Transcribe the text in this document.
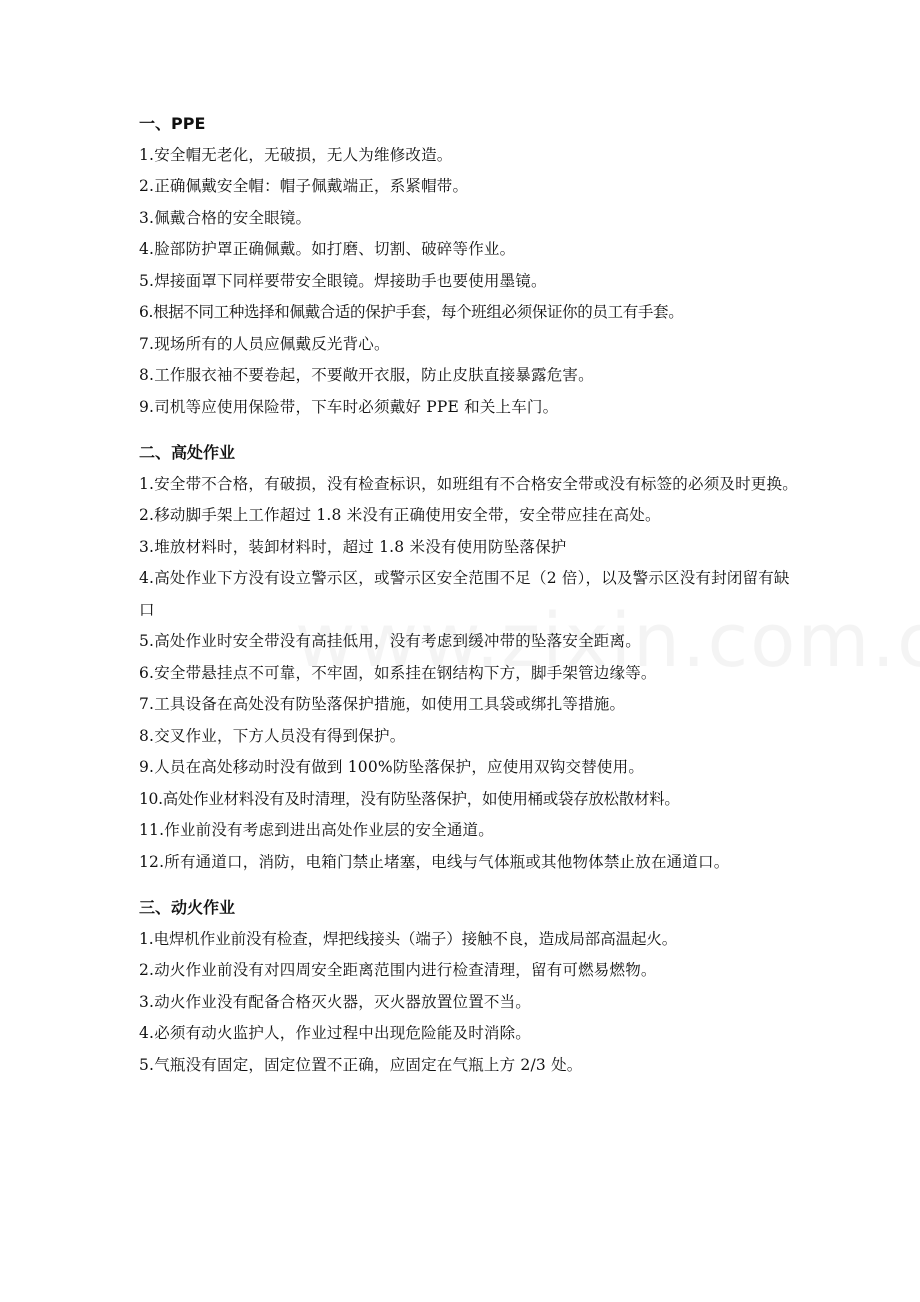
一、PPE

1.安全帽无老化，无破损，无人为维修改造。

2.正确佩戴安全帽：帽子佩戴端正，系紧帽带。

3.佩戴合格的安全眼镜。

4.脸部防护罩正确佩戴。如打磨、切割、破碎等作业。

5.焊接面罩下同样要带安全眼镜。焊接助手也要使用墨镜。

6.根据不同工种选择和佩戴合适的保护手套，每个班组必须保证你的员工有手套。

7.现场所有的人员应佩戴反光背心。

8.工作服衣袖不要卷起，不要敞开衣服，防止皮肤直接暴露危害。

9.司机等应使用保险带，下车时必须戴好 PPE 和关上车门。

二、高处作业

1.安全带不合格，有破损，没有检查标识，如班组有不合格安全带或没有标签的必须及时更换。

2.移动脚手架上工作超过 1.8 米没有正确使用安全带，安全带应挂在高处。

3.堆放材料时，装卸材料时，超过 1.8 米没有使用防坠落保护

4.高处作业下方没有设立警示区，或警示区安全范围不足（2 倍），以及警示区没有封闭留有缺口

5.高处作业时安全带没有高挂低用，没有考虑到缓冲带的坠落安全距离。

6.安全带悬挂点不可靠，不牢固，如系挂在钢结构下方，脚手架管边缘等。

7.工具设备在高处没有防坠落保护措施，如使用工具袋或绑扎等措施。

8.交叉作业，下方人员没有得到保护。

9.人员在高处移动时没有做到 100%防坠落保护，应使用双钩交替使用。

10.高处作业材料没有及时清理，没有防坠落保护，如使用桶或袋存放松散材料。

11.作业前没有考虑到进出高处作业层的安全通道。

12.所有通道口，消防，电箱门禁止堵塞，电线与气体瓶或其他物体禁止放在通道口。

三、动火作业

1.电焊机作业前没有检查，焊把线接头（端子）接触不良，造成局部高温起火。

2.动火作业前没有对四周安全距离范围内进行检查清理，留有可燃易燃物。

3.动火作业没有配备合格灭火器，灭火器放置位置不当。

4.必须有动火监护人，作业过程中出现危险能及时消除。

5.气瓶没有固定，固定位置不正确，应固定在气瓶上方 2/3 处。
